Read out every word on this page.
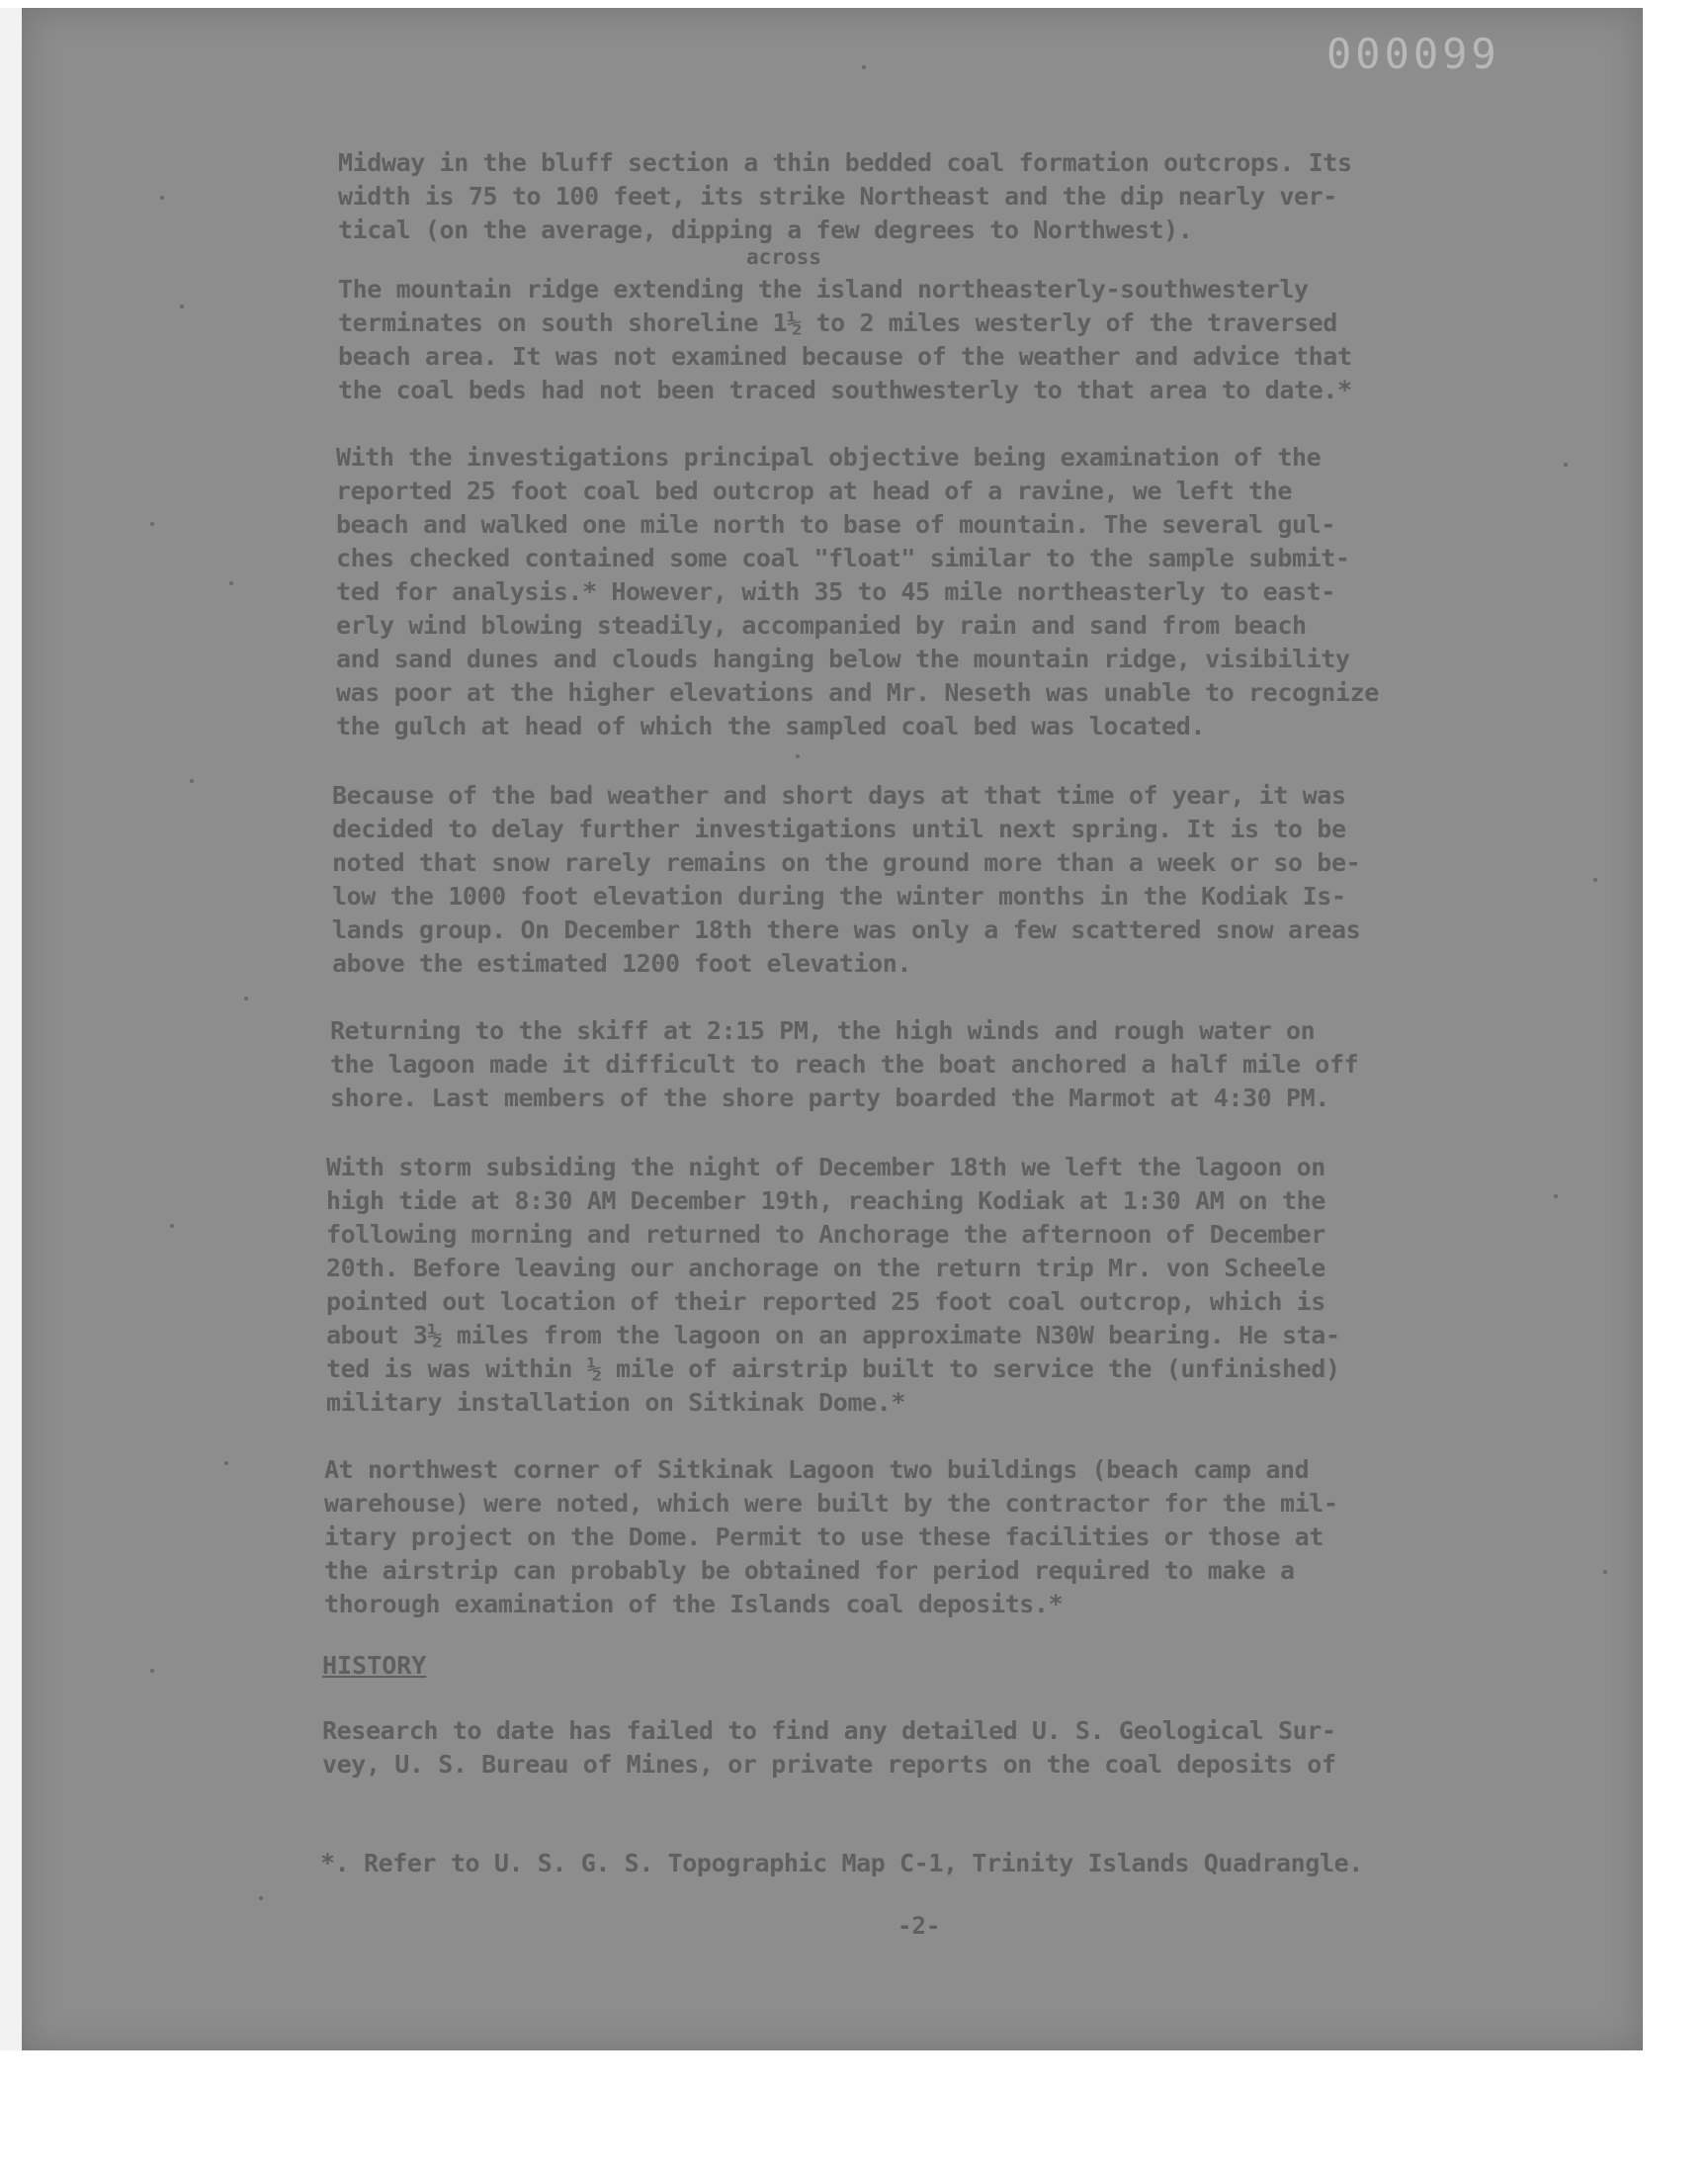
000099
Midway in the bluff section a thin bedded coal formation outcrops. Its
width is 75 to 100 feet, its strike Northeast and the dip nearly ver-
tical (on the average, dipping a few degrees to Northwest).
across
The mountain ridge extending the island northeasterly-southwesterly
terminates on south shoreline 1½ to 2 miles westerly of the traversed
beach area. It was not examined because of the weather and advice that
the coal beds had not been traced southwesterly to that area to date.*
With the investigations principal objective being examination of the
reported 25 foot coal bed outcrop at head of a ravine, we left the
beach and walked one mile north to base of mountain. The several gul-
ches checked contained some coal "float" similar to the sample submit-
ted for analysis.* However, with 35 to 45 mile northeasterly to east-
erly wind blowing steadily, accompanied by rain and sand from beach
and sand dunes and clouds hanging below the mountain ridge, visibility
was poor at the higher elevations and Mr. Neseth was unable to recognize
the gulch at head of which the sampled coal bed was located.
Because of the bad weather and short days at that time of year, it was
decided to delay further investigations until next spring. It is to be
noted that snow rarely remains on the ground more than a week or so be-
low the 1000 foot elevation during the winter months in the Kodiak Is-
lands group. On December 18th there was only a few scattered snow areas
above the estimated 1200 foot elevation.
Returning to the skiff at 2:15 PM, the high winds and rough water on
the lagoon made it difficult to reach the boat anchored a half mile off
shore. Last members of the shore party boarded the Marmot at 4:30 PM.
With storm subsiding the night of December 18th we left the lagoon on
high tide at 8:30 AM December 19th, reaching Kodiak at 1:30 AM on the
following morning and returned to Anchorage the afternoon of December
20th. Before leaving our anchorage on the return trip Mr. von Scheele
pointed out location of their reported 25 foot coal outcrop, which is
about 3½ miles from the lagoon on an approximate N30W bearing. He sta-
ted is was within ½ mile of airstrip built to service the (unfinished)
military installation on Sitkinak Dome.*
At northwest corner of Sitkinak Lagoon two buildings (beach camp and
warehouse) were noted, which were built by the contractor for the mil-
itary project on the Dome. Permit to use these facilities or those at
the airstrip can probably be obtained for period required to make a
thorough examination of the Islands coal deposits.*
HISTORY
Research to date has failed to find any detailed U. S. Geological Sur-
vey, U. S. Bureau of Mines, or private reports on the coal deposits of
*. Refer to U. S. G. S. Topographic Map C-1, Trinity Islands Quadrangle.
-2-
